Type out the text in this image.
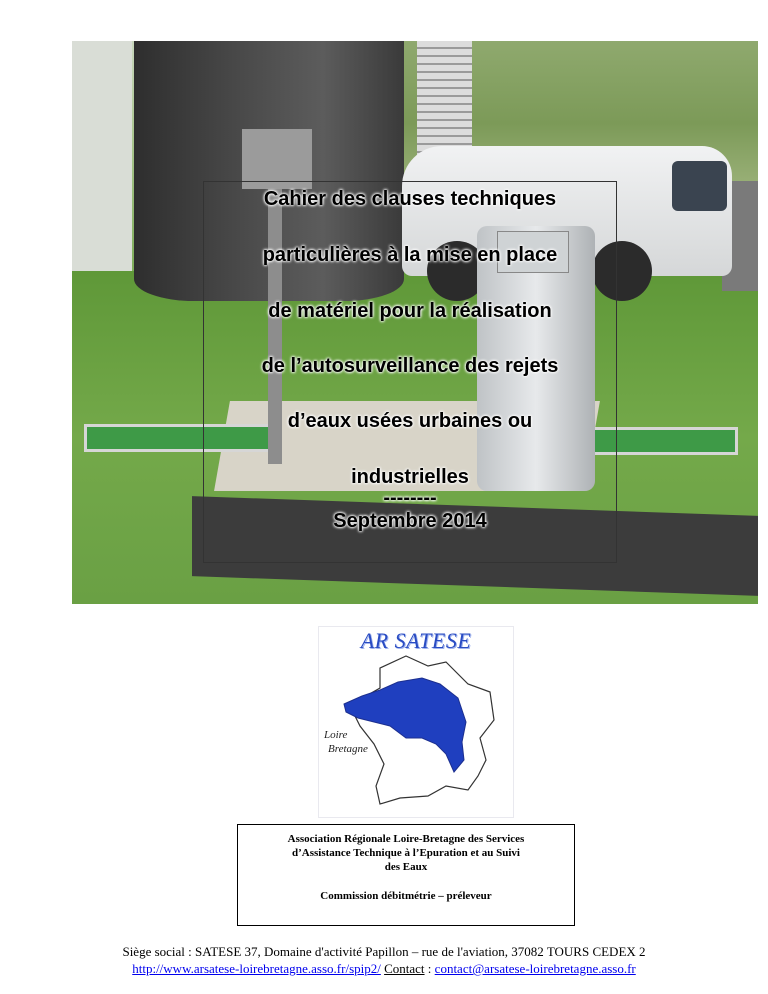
Cahier des clauses techniques
particulières à la mise en place
de matériel pour la réalisation
de l’autosurveillance des rejets
d’eaux usées urbaines ou
industrielles
--------
Septembre 2014
AR SATESE
Loire
Bretagne
Association Régionale Loire-Bretagne des Services
d’Assistance Technique à l’Epuration et au Suivi
des Eaux
Commission débitmétrie – préleveur
Siège social : SATESE 37, Domaine d'activité Papillon – rue de l'aviation, 37082 TOURS CEDEX 2
http://www.arsatese-loirebretagne.asso.fr/spip2/ Contact : contact@arsatese-loirebretagne.asso.fr
